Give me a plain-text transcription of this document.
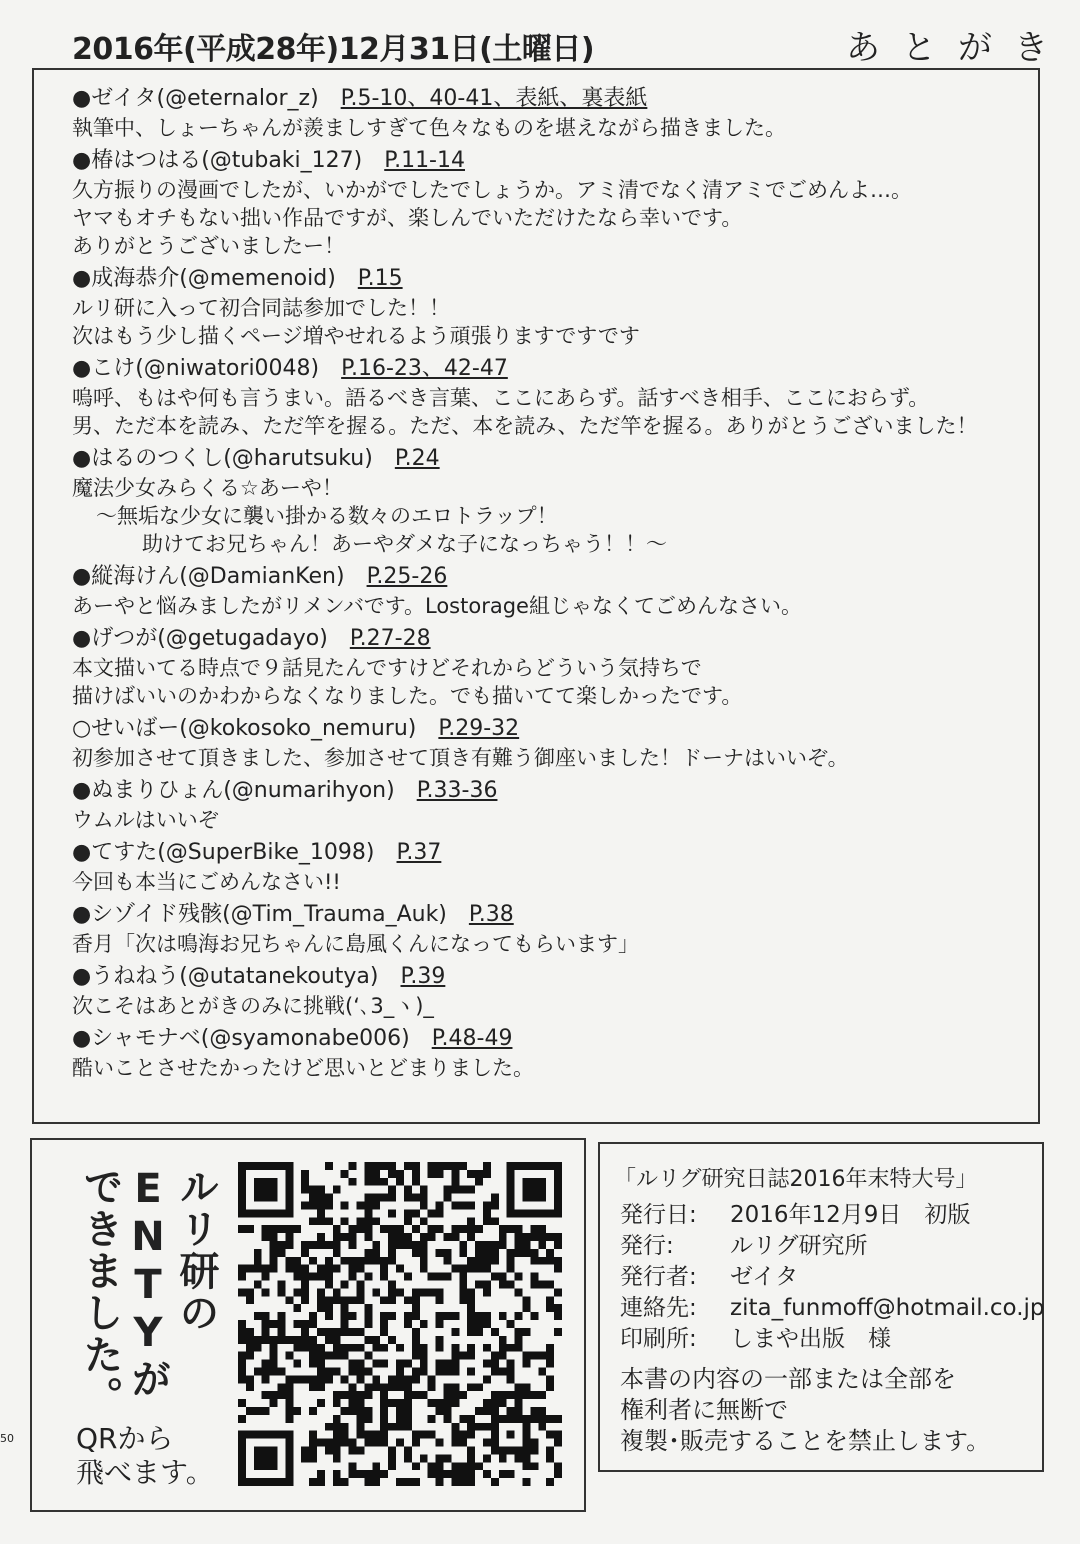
2016年(平成28年)12月31日(土曜日)	あとがき
●ゼイタ(@eternalor_z) P.5-10、40-41、表紙、裏表紙
執筆中、しょーちゃんが羨ましすぎて色々なものを堪えながら描きました。
●椿はつはる(@tubaki_127) P.11-14
久方振りの漫画でしたが、いかがでしたでしょうか。アミ清でなく清アミでごめんよ…。
ヤマもオチもない拙い作品ですが、楽しんでいただけたなら幸いです。
ありがとうございましたー！
●成海恭介(@memenoid) P.15
ルリ研に入って初合同誌参加でした！！
次はもう少し描くページ増やせれるよう頑張りますですです
●こけ(@niwatori0048) P.16-23、42-47
嗚呼、もはや何も言うまい。語るべき言葉、ここにあらず。話すべき相手、ここにおらず。
男、ただ本を読み、ただ竿を握る。ただ、本を読み、ただ竿を握る。ありがとうございました！
●はるのつくし(@harutsuku) P.24
魔法少女みらくる☆あーや！
～無垢な少女に襲い掛かる数々のエロトラップ！
助けてお兄ちゃん！あーやダメな子になっちゃう！！～
●縦海けん(@DamianKen) P.25-26
あーやと悩みましたがリメンバです。Lostorage組じゃなくてごめんなさい。
●げつが(@getugadayo) P.27-28
本文描いてる時点で９話見たんですけどそれからどういう気持ちで
描けばいいのかわからなくなりました。でも描いてて楽しかったです。
○せいばー(@kokosoko_nemuru) P.29-32
初参加させて頂きました、参加させて頂き有難う御座いました！ドーナはいいぞ。
●ぬまりひょん(@numarihyon) P.33-36
ウムルはいいぞ
●てすた(@SuperBike_1098) P.37
今回も本当にごめんなさい!!
●シゾイド残骸(@Tim_Trauma_Auk) P.38
香月「次は鳴海お兄ちゃんに島風くんになってもらいます」
●うねねう(@utatanekoutya) P.39
次こそはあとがきのみに挑戦(‘､3_ヽ)_
●シャモナベ(@syamonabe006) P.48-49
酷いことさせたかったけど思いとどまりました。
ルリ研の
ENTYが
できました。
QRから
飛べます。
「ルリグ研究日誌2016年末特大号」
発行日: 2016年12月9日　初版
発行: ルリグ研究所
発行者: ゼイタ
連絡先: zita_funmoff@hotmail.co.jp
印刷所: しまや出版　様
本書の内容の一部または全部を
権利者に無断で
複製･販売することを禁止します。
50
